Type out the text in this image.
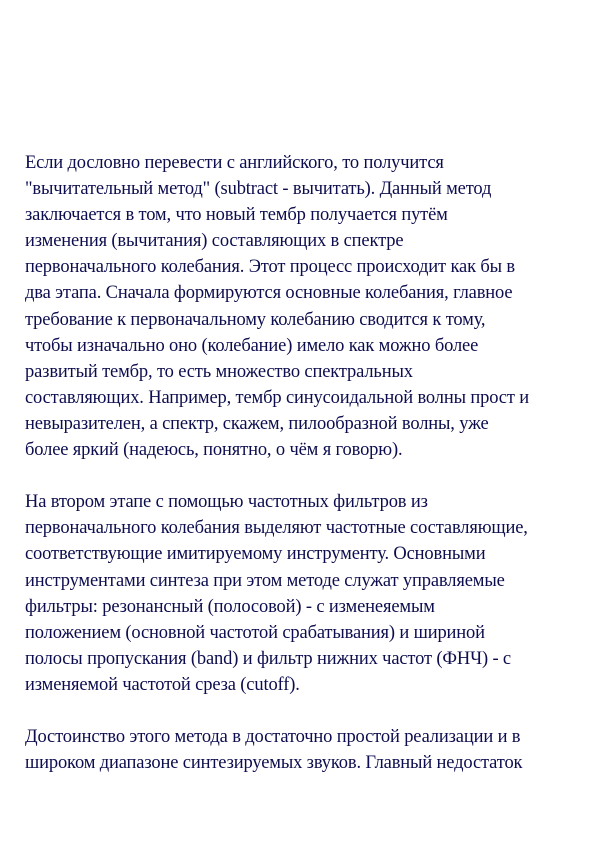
Если дословно перевести с английского, то получится
"вычитательный метод" (subtract - вычитать). Данный метод
заключается в том, что новый тембр получается путём
изменения (вычитания) составляющих в спектре
первоначального колебания. Этот процесс происходит как бы в
два этапа. Сначала формируются основные колебания, главное
требование к первоначальному колебанию сводится к тому,
чтобы изначально оно (колебание) имело как можно более
развитый тембр, то есть множество спектральных
составляющих. Например, тембр синусоидальной волны прост и
невыразителен, а спектр, скажем, пилообразной волны, уже
более яркий (надеюсь, понятно, о чём я говорю).
На втором этапе с помощью частотных фильтров из
первоначального колебания выделяют частотные составляющие,
соответствующие имитируемому инструменту. Основными
инструментами синтеза при этом методе служат управляемые
фильтры: резонансный (полосовой) - с изменеяемым
положением (основной частотой срабатывания) и шириной
полосы пропускания (band) и фильтр нижних частот (ФНЧ) - с
изменяемой частотой среза (cutoff).
Достоинство этого метода в достаточно простой реализации и в
широком диапазоне синтезируемых звуков. Главный недостаток
